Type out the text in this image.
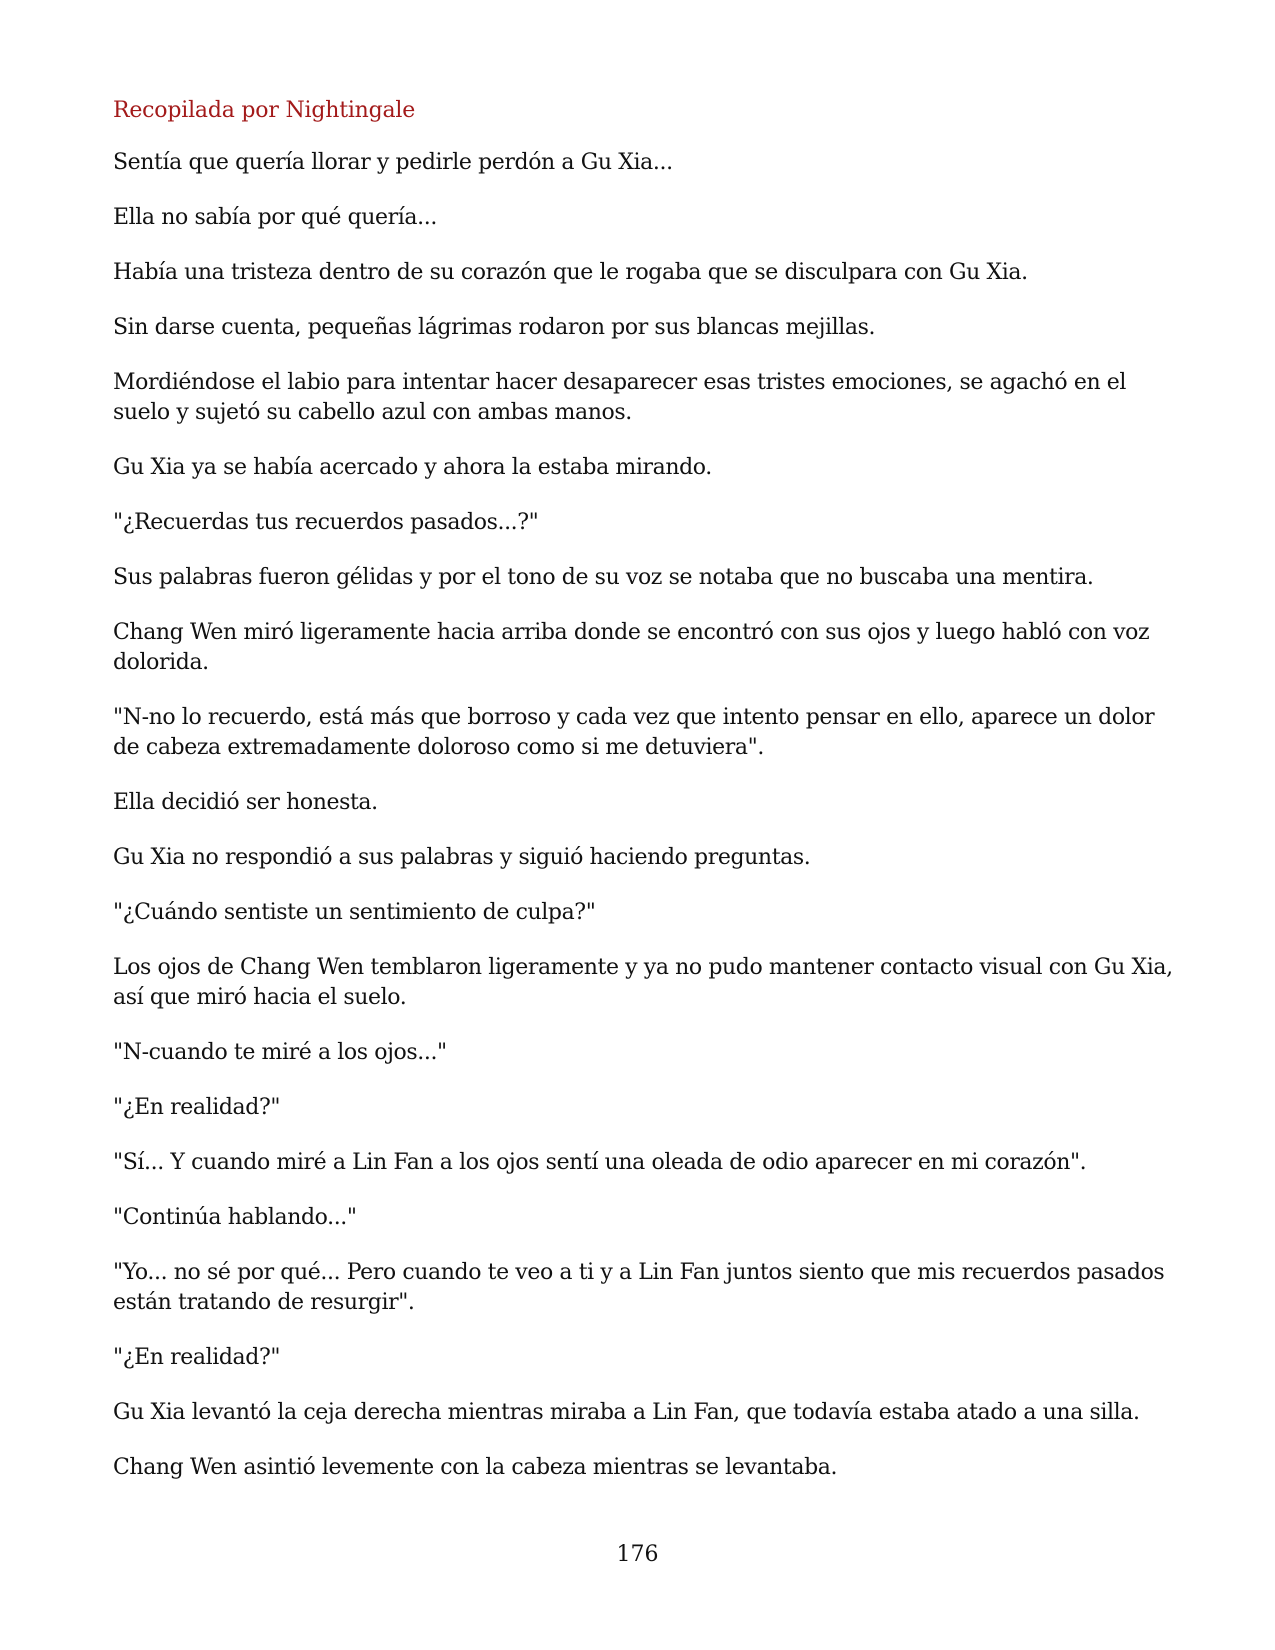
Recopilada por Nightingale

Sentía que quería llorar y pedirle perdón a Gu Xia...

Ella no sabía por qué quería...

Había una tristeza dentro de su corazón que le rogaba que se disculpara con Gu Xia.

Sin darse cuenta, pequeñas lágrimas rodaron por sus blancas mejillas.

Mordiéndose el labio para intentar hacer desaparecer esas tristes emociones, se agachó en el suelo y sujetó su cabello azul con ambas manos.

Gu Xia ya se había acercado y ahora la estaba mirando.

"¿Recuerdas tus recuerdos pasados...?"

Sus palabras fueron gélidas y por el tono de su voz se notaba que no buscaba una mentira.

Chang Wen miró ligeramente hacia arriba donde se encontró con sus ojos y luego habló con voz dolorida.

"N-no lo recuerdo, está más que borroso y cada vez que intento pensar en ello, aparece un dolor de cabeza extremadamente doloroso como si me detuviera".

Ella decidió ser honesta.

Gu Xia no respondió a sus palabras y siguió haciendo preguntas.

"¿Cuándo sentiste un sentimiento de culpa?"

Los ojos de Chang Wen temblaron ligeramente y ya no pudo mantener contacto visual con Gu Xia, así que miró hacia el suelo.

"N-cuando te miré a los ojos..."

"¿En realidad?"

"Sí... Y cuando miré a Lin Fan a los ojos sentí una oleada de odio aparecer en mi corazón".

"Continúa hablando..."

"Yo... no sé por qué... Pero cuando te veo a ti y a Lin Fan juntos siento que mis recuerdos pasados están tratando de resurgir".

"¿En realidad?"

Gu Xia levantó la ceja derecha mientras miraba a Lin Fan, que todavía estaba atado a una silla.

Chang Wen asintió levemente con la cabeza mientras se levantaba.

176
